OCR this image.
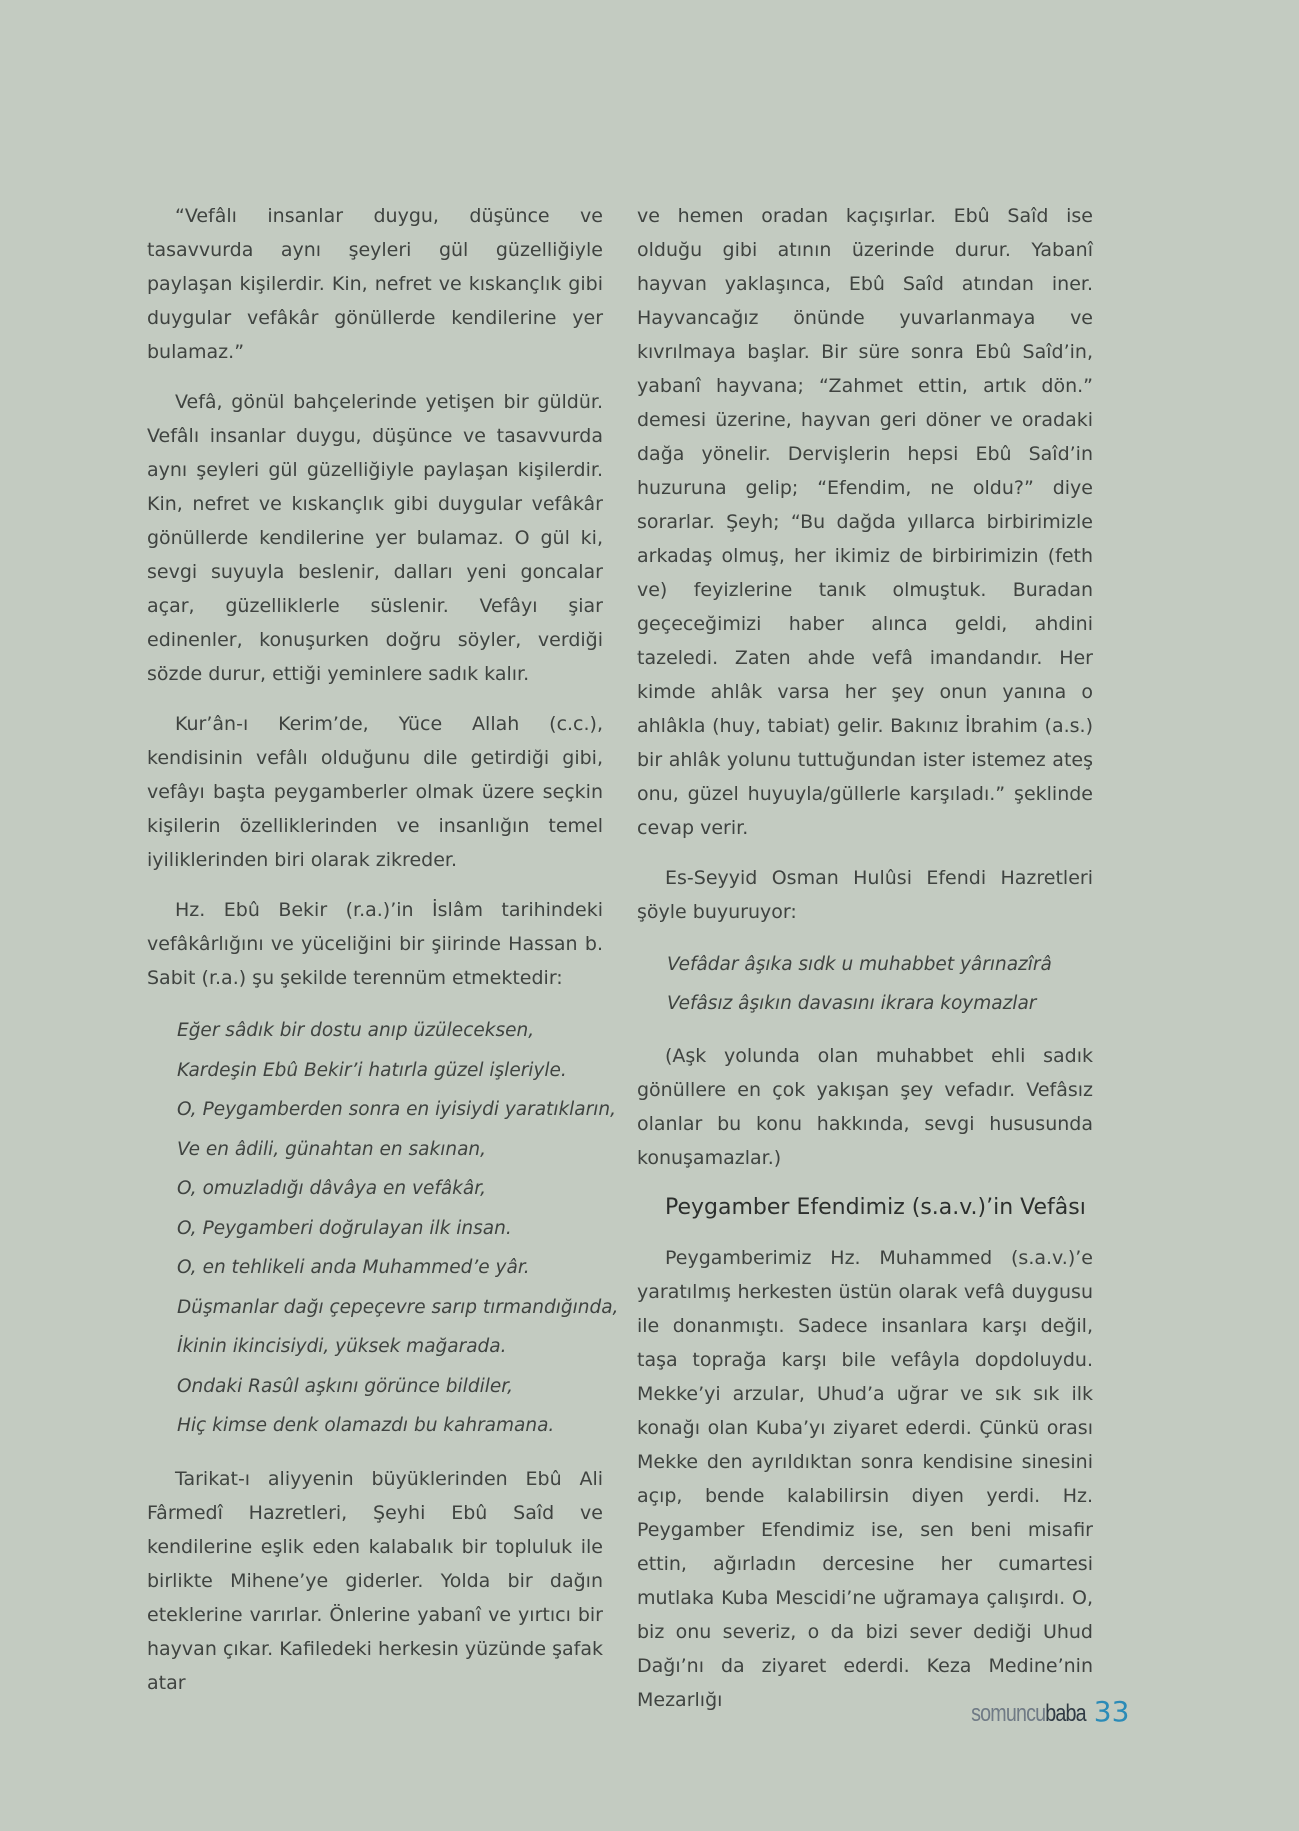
“Vefâlı insanlar duygu, düşünce ve tasavvurda aynı şeyleri gül güzelliğiyle paylaşan kişilerdir. Kin, nefret ve kıskançlık gibi duygular vefâkâr gönüllerde kendilerine yer bulamaz.”

Vefâ, gönül bahçelerinde yetişen bir güldür. Vefâlı insanlar duygu, düşünce ve tasavvurda aynı şeyleri gül güzelliğiyle paylaşan kişilerdir. Kin, nefret ve kıskançlık gibi duygular vefâkâr gönüllerde kendilerine yer bulamaz. O gül ki, sevgi suyuyla beslenir, dalları yeni goncalar açar, güzelliklerle süslenir. Vefâyı şiar edinenler, konuşurken doğru söyler, verdiği sözde durur, ettiği yeminlere sadık kalır.

Kur’ân-ı Kerim’de, Yüce Allah (c.c.), kendisinin vefâlı olduğunu dile getirdiği gibi, vefâyı başta peygamberler olmak üzere seçkin kişilerin özelliklerinden ve insanlığın temel iyiliklerinden biri olarak zikreder.

Hz. Ebû Bekir (r.a.)’in İslâm tarihindeki vefâkârlığını ve yüceliğini bir şiirinde Hassan b. Sabit (r.a.) şu şekilde terennüm etmektedir:

Eğer sâdık bir dostu anıp üzüleceksen,
Kardeşin Ebû Bekir’i hatırla güzel işleriyle.
O, Peygamberden sonra en iyisiydi yaratıkların,
Ve en âdili, günahtan en sakınan,
O, omuzladığı dâvâya en vefâkâr,
O, Peygamberi doğrulayan ilk insan.
O, en tehlikeli anda Muhammed’e yâr.
Düşmanlar dağı çepeçevre sarıp tırmandığında,
İkinin ikincisiydi, yüksek mağarada.
Ondaki Rasûl aşkını görünce bildiler,
Hiç kimse denk olamazdı bu kahramana.

Tarikat-ı aliyyenin büyüklerinden Ebû Ali Fârmedî Hazretleri, Şeyhi Ebû Saîd ve kendilerine eşlik eden kalabalık bir topluluk ile birlikte Mihene’ye giderler. Yolda bir dağın eteklerine varırlar. Önlerine yabanî ve yırtıcı bir hayvan çıkar. Kafiledeki herkesin yüzünde şafak atar

ve hemen oradan kaçışırlar. Ebû Saîd ise olduğu gibi atının üzerinde durur. Yabanî hayvan yaklaşınca, Ebû Saîd atından iner. Hayvancağız önünde yuvarlanmaya ve kıvrılmaya başlar. Bir süre sonra Ebû Saîd’in, yabanî hayvana; “Zahmet ettin, artık dön.” demesi üzerine, hayvan geri döner ve oradaki dağa yönelir. Dervişlerin hepsi Ebû Saîd’in huzuruna gelip; “Efendim, ne oldu?” diye sorarlar. Şeyh; “Bu dağda yıllarca birbirimizle arkadaş olmuş, her ikimiz de birbirimizin (feth ve) feyizlerine tanık olmuştuk. Buradan geçeceğimizi haber alınca geldi, ahdini tazeledi. Zaten ahde vefâ imandandır. Her kimde ahlâk varsa her şey onun yanına o ahlâkla (huy, tabiat) gelir. Bakınız İbrahim (a.s.) bir ahlâk yolunu tuttuğundan ister istemez ateş onu, güzel huyuyla/güllerle karşıladı.” şeklinde cevap verir.

Es-Seyyid Osman Hulûsi Efendi Hazretleri şöyle buyuruyor:

Vefâdar âşıka sıdk u muhabbet yârınazîrâ
Vefâsız âşıkın davasını ikrara koymazlar

(Aşk yolunda olan muhabbet ehli sadık gönüllere en çok yakışan şey vefadır. Vefâsız olanlar bu konu hakkında, sevgi hususunda konuşamazlar.)

Peygamber Efendimiz (s.a.v.)’in Vefâsı

Peygamberimiz Hz. Muhammed (s.a.v.)’e yaratılmış herkesten üstün olarak vefâ duygusu ile donanmıştı. Sadece insanlara karşı değil, taşa toprağa karşı bile vefâyla dopdoluydu. Mekke’yi arzular, Uhud’a uğrar ve sık sık ilk konağı olan Kuba’yı ziyaret ederdi. Çünkü orası Mekke den ayrıldıktan sonra kendisine sinesini açıp, bende kalabilirsin diyen yerdi. Hz. Peygamber Efendimiz ise, sen beni misafir ettin, ağırladın dercesine her cumartesi mutlaka Kuba Mescidi’ne uğramaya çalışırdı. O, biz onu severiz, o da bizi sever dediği Uhud Dağı’nı da ziyaret ederdi. Keza Medine’nin Mezarlığı	somuncu baba 33
